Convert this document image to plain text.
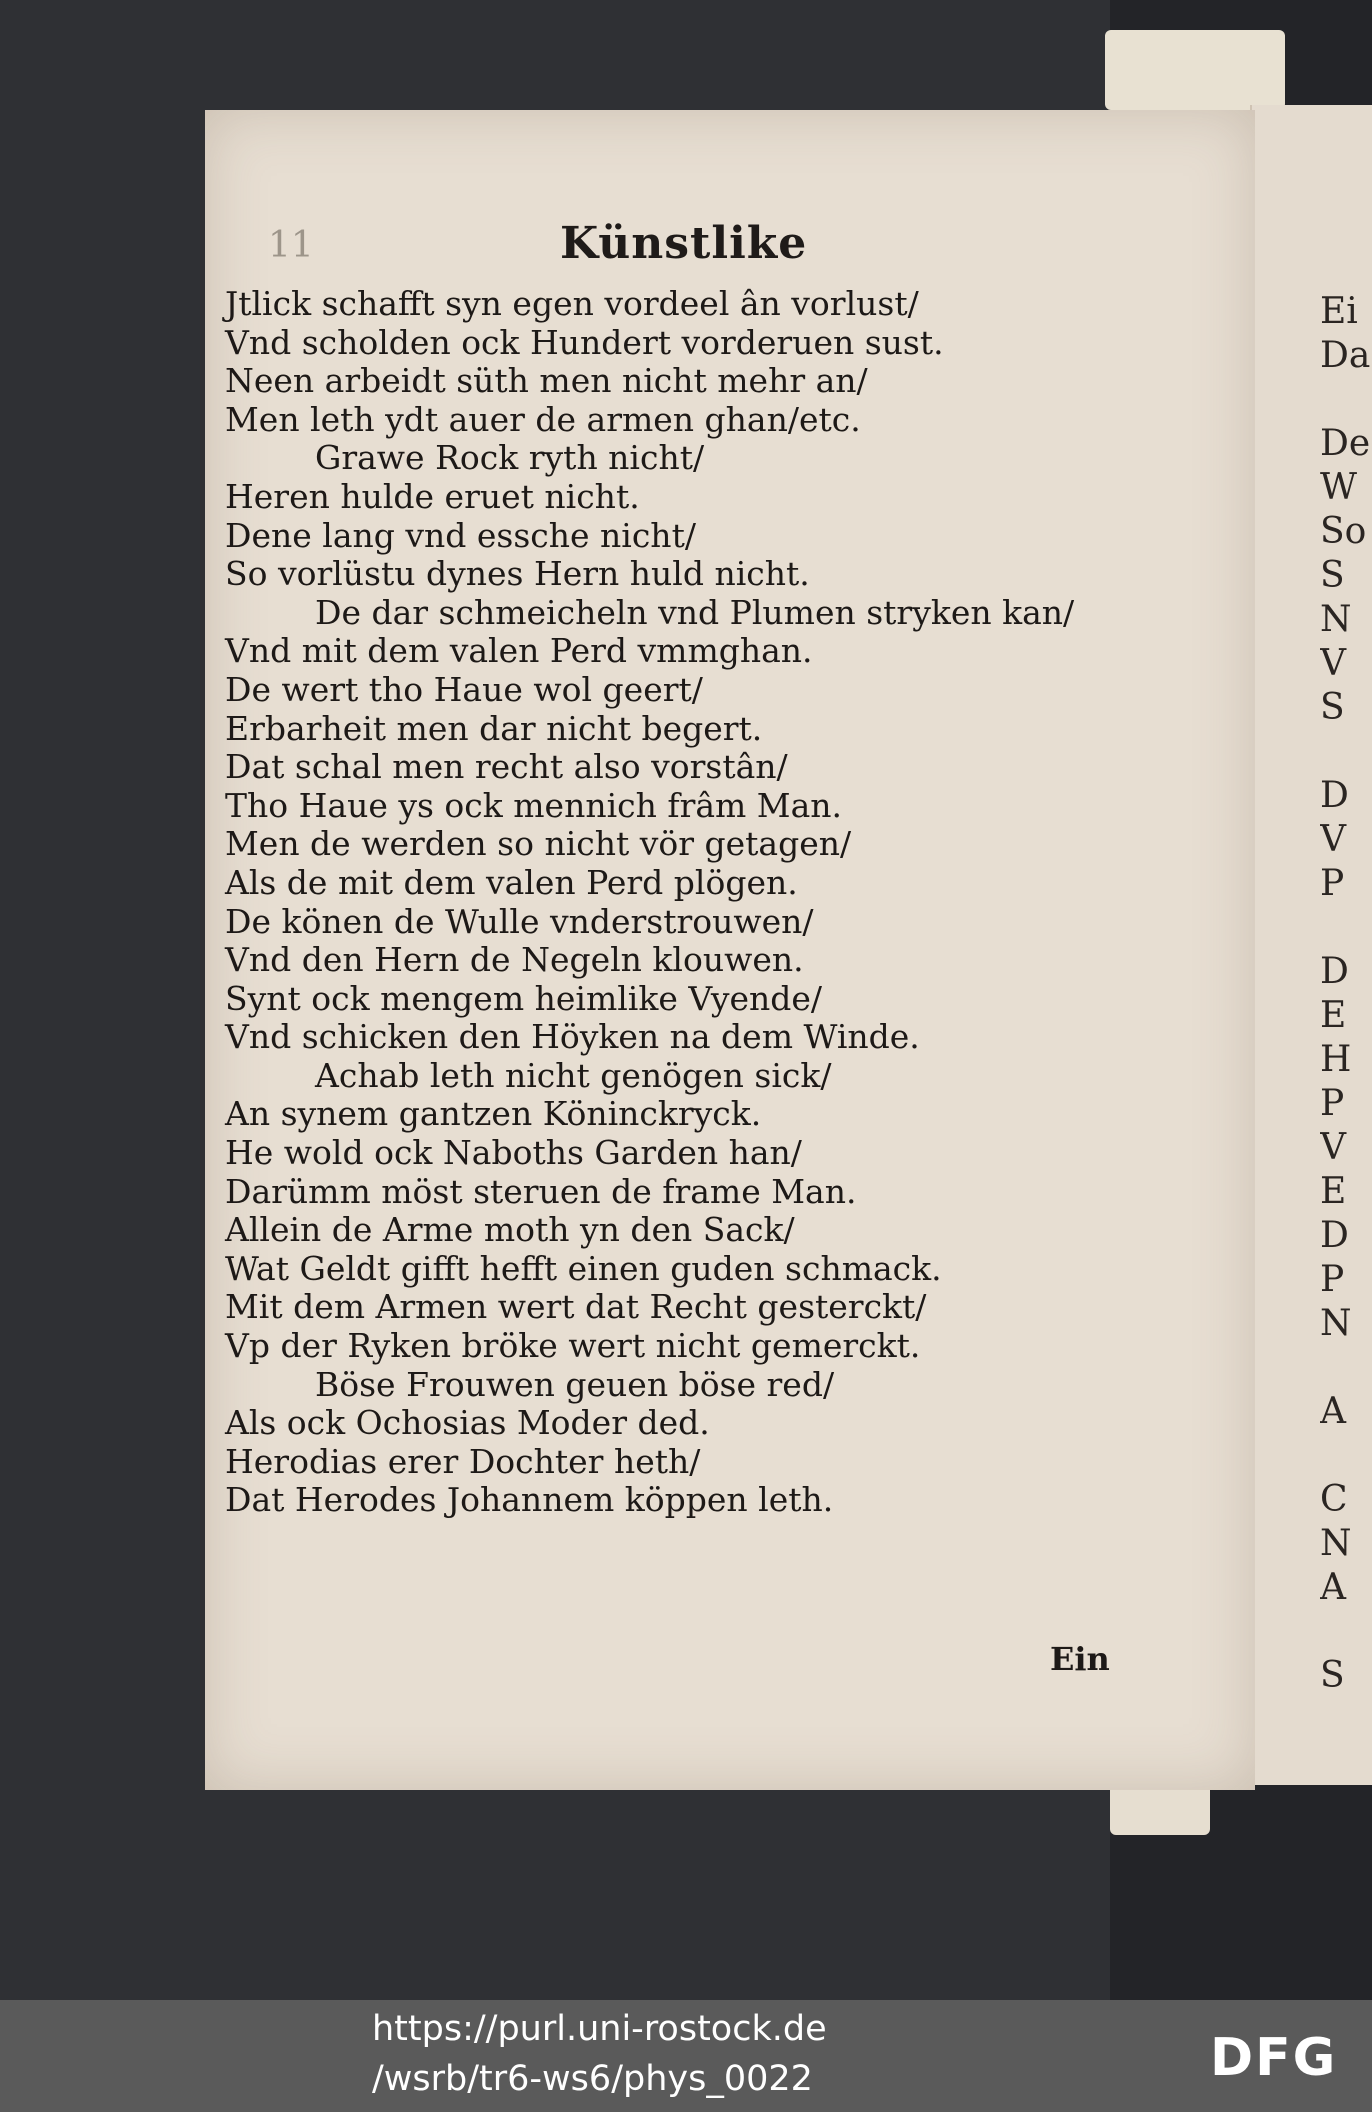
Ei
Da
De
W
So
S
N
V
S
D
V
P
D
E
H
P
V
E
D
P
N
A
C
N
A
S
11	Künstlike
Jtlick schafft syn egen vordeel ân vorlust/
Vnd scholden ock Hundert vorderuen sust.
Neen arbeidt süth men nicht mehr an/
Men leth ydt auer de armen ghan/etc.
Grawe Rock ryth nicht/
Heren hulde eruet nicht.
Dene lang vnd essche nicht/
So vorlüstu dynes Hern huld nicht.
De dar schmeicheln vnd Plumen stryken kan/
Vnd mit dem valen Perd vmmghan.
De wert tho Haue wol geert/
Erbarheit men dar nicht begert.
Dat schal men recht also vorstân/
Tho Haue ys ock mennich frâm Man.
Men de werden so nicht vör getagen/
Als de mit dem valen Perd plögen.
De könen de Wulle vnderstrouwen/
Vnd den Hern de Negeln klouwen.
Synt ock mengem heimlike Vyende/
Vnd schicken den Höyken na dem Winde.
Achab leth nicht genögen sick/
An synem gantzen Köninckryck.
He wold ock Naboths Garden han/
Darümm möst steruen de frame Man.
Allein de Arme moth yn den Sack/
Wat Geldt gifft hefft einen guden schmack.
Mit dem Armen wert dat Recht gesterckt/
Vp der Ryken bröke wert nicht gemerckt.
Böse Frouwen geuen böse red/
Als ock Ochosias Moder ded.
Herodias erer Dochter heth/
Dat Herodes Johannem köppen leth.
Ein
https://purl.uni-rostock.de
/wsrb/tr6-ws6/phys_0022	DFG
